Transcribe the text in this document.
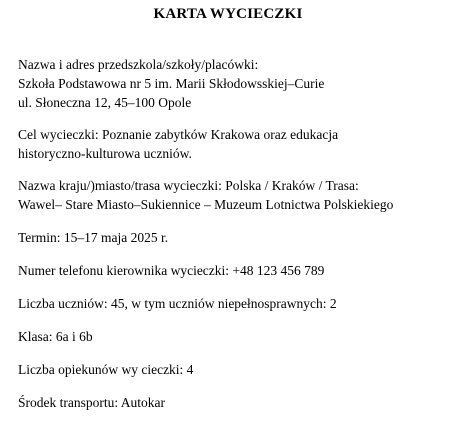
KARTA WYCIECZKI
Nazwa i adres przedszkola/szkoły/placówki:
Szkoła Podstawowa nr 5 im. Marii Skłodowsskiej–Curie
ul. Słoneczna 12, 45–100 Opole
Cel wycieczki: Poznanie zabytków Krakowa oraz edukacja
historyczno-kulturowa uczniów.
Nazwa kraju/)miasto/trasa wycieczki: Polska / Kraków / Trasa:
Wawel– Stare Miasto–Sukiennice – Muzeum Lotnictwa Polskiekiego
Termin: 15–17 maja 2025 r.
Numer telefonu kierownika wycieczki: +48 123 456 789
Liczba uczniów: 45, w tym uczniów niepełnosprawnych: 2
Klasa: 6a i 6b
Liczba opiekunów wy cieczki: 4
Środek transportu: Autokar
